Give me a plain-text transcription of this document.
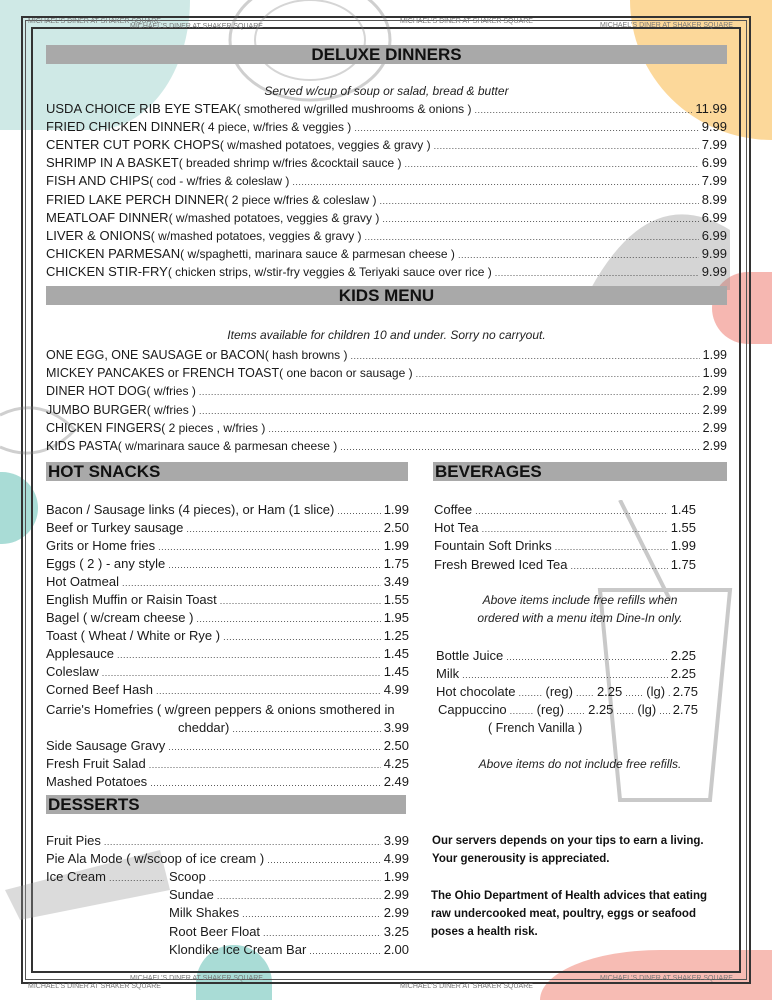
MICHAEL'S DINER AT SHAKER SQUARE
MICHAEL'S DINER AT SHAKER SQUARE
MICHAEL'S DINER AT SHAKER SQUARE
MICHAEL'S DINER AT SHAKER SQUARE
MICHAEL'S DINER AT SHAKER SQUARE
MICHAEL'S DINER AT SHAKER SQUARE
MICHAEL'S DINER AT SHAKER SQUARE
MICHAEL'S DINER AT SHAKER SQUARE
DELUXE DINNERS
Served w/cup of soup or salad, bread & butter
USDA CHOICE RIB EYE STEAK ( smothered w/grilled mushrooms & onions ) .....	11.99
FRIED CHICKEN DINNER ( 4 piece, w/fries & veggies ) .....	9.99
CENTER CUT PORK CHOPS ( w/mashed potatoes, veggies & gravy ) .....	7.99
SHRIMP IN A BASKET ( breaded shrimp w/fries &cocktail sauce ) .....	6.99
FISH AND CHIPS ( cod - w/fries & coleslaw ) .....	7.99
FRIED LAKE PERCH DINNER ( 2 piece w/fries & coleslaw ) .....	8.99
MEATLOAF DINNER ( w/mashed potatoes, veggies & gravy ) .....	6.99
LIVER & ONIONS ( w/mashed potatoes, veggies & gravy ) .....	6.99
CHICKEN PARMESAN ( w/spaghetti, marinara sauce & parmesan cheese ) .....	9.99
CHICKEN STIR-FRY ( chicken strips, w/stir-fry veggies & Teriyaki sauce over rice ) .....	9.99
KIDS MENU
Items available for children 10 and under. Sorry no carryout.
ONE EGG, ONE SAUSAGE or BACON ( hash browns ) .....	1.99
MICKEY PANCAKES or FRENCH TOAST ( one bacon or sausage ) .....	1.99
DINER HOT DOG ( w/fries ) .....	2.99
JUMBO BURGER ( w/fries ) .....	2.99
CHICKEN FINGERS ( 2 pieces , w/fries ) .....	2.99
KIDS PASTA ( w/marinara sauce & parmesan cheese ) .....	2.99
HOT SNACKS
Bacon / Sausage links (4 pieces), or Ham (1 slice) .....	1.99
Beef or Turkey sausage .....	2.50
Grits or Home fries .....	1.99
Eggs ( 2 ) - any style .....	1.75
Hot Oatmeal .....	3.49
English Muffin or Raisin Toast .....	1.55
Bagel ( w/cream cheese ) .....	1.95
Toast ( Wheat / White or Rye ) .....	1.25
Applesauce .....	1.45
Coleslaw .....	1.45
Corned Beef Hash .....	4.99
Carrie's Homefries ( w/green peppers & onions smothered in
cheddar) .....	3.99
Side Sausage Gravy .....	2.50
Fresh Fruit Salad .....	4.25
Mashed Potatoes .....	2.49
DESSERTS
Fruit Pies .....	3.99
Pie Ala Mode ( w/scoop of ice cream ) .....	4.99
Ice Cream .....	Scoop .....	1.99
Sundae .....	2.99
Milk Shakes .....	2.99
Root Beer Float .....	3.25
Klondike Ice Cream Bar .....	2.00
BEVERAGES
Coffee .....	1.45
Hot Tea .....	1.55
Fountain Soft Drinks .....	1.99
Fresh Brewed Iced Tea .....	1.75
Above items include free refills when
ordered with a menu item Dine-In only.
Bottle Juice .....	2.25
Milk .....	2.25
Hot chocolate ..... (reg) ..... 2.25 ..... (lg) ..... 2.75
Cappuccino ..... (reg) ..... 2.25 ..... (lg) ..... 2.75
( French Vanilla )
Above items do not include free refills.
Our servers depends on your tips to earn a living.
Your generousity is appreciated.
The Ohio Department of Health advices that eating
raw undercooked meat, poultry, eggs or seafood
poses a health risk.
